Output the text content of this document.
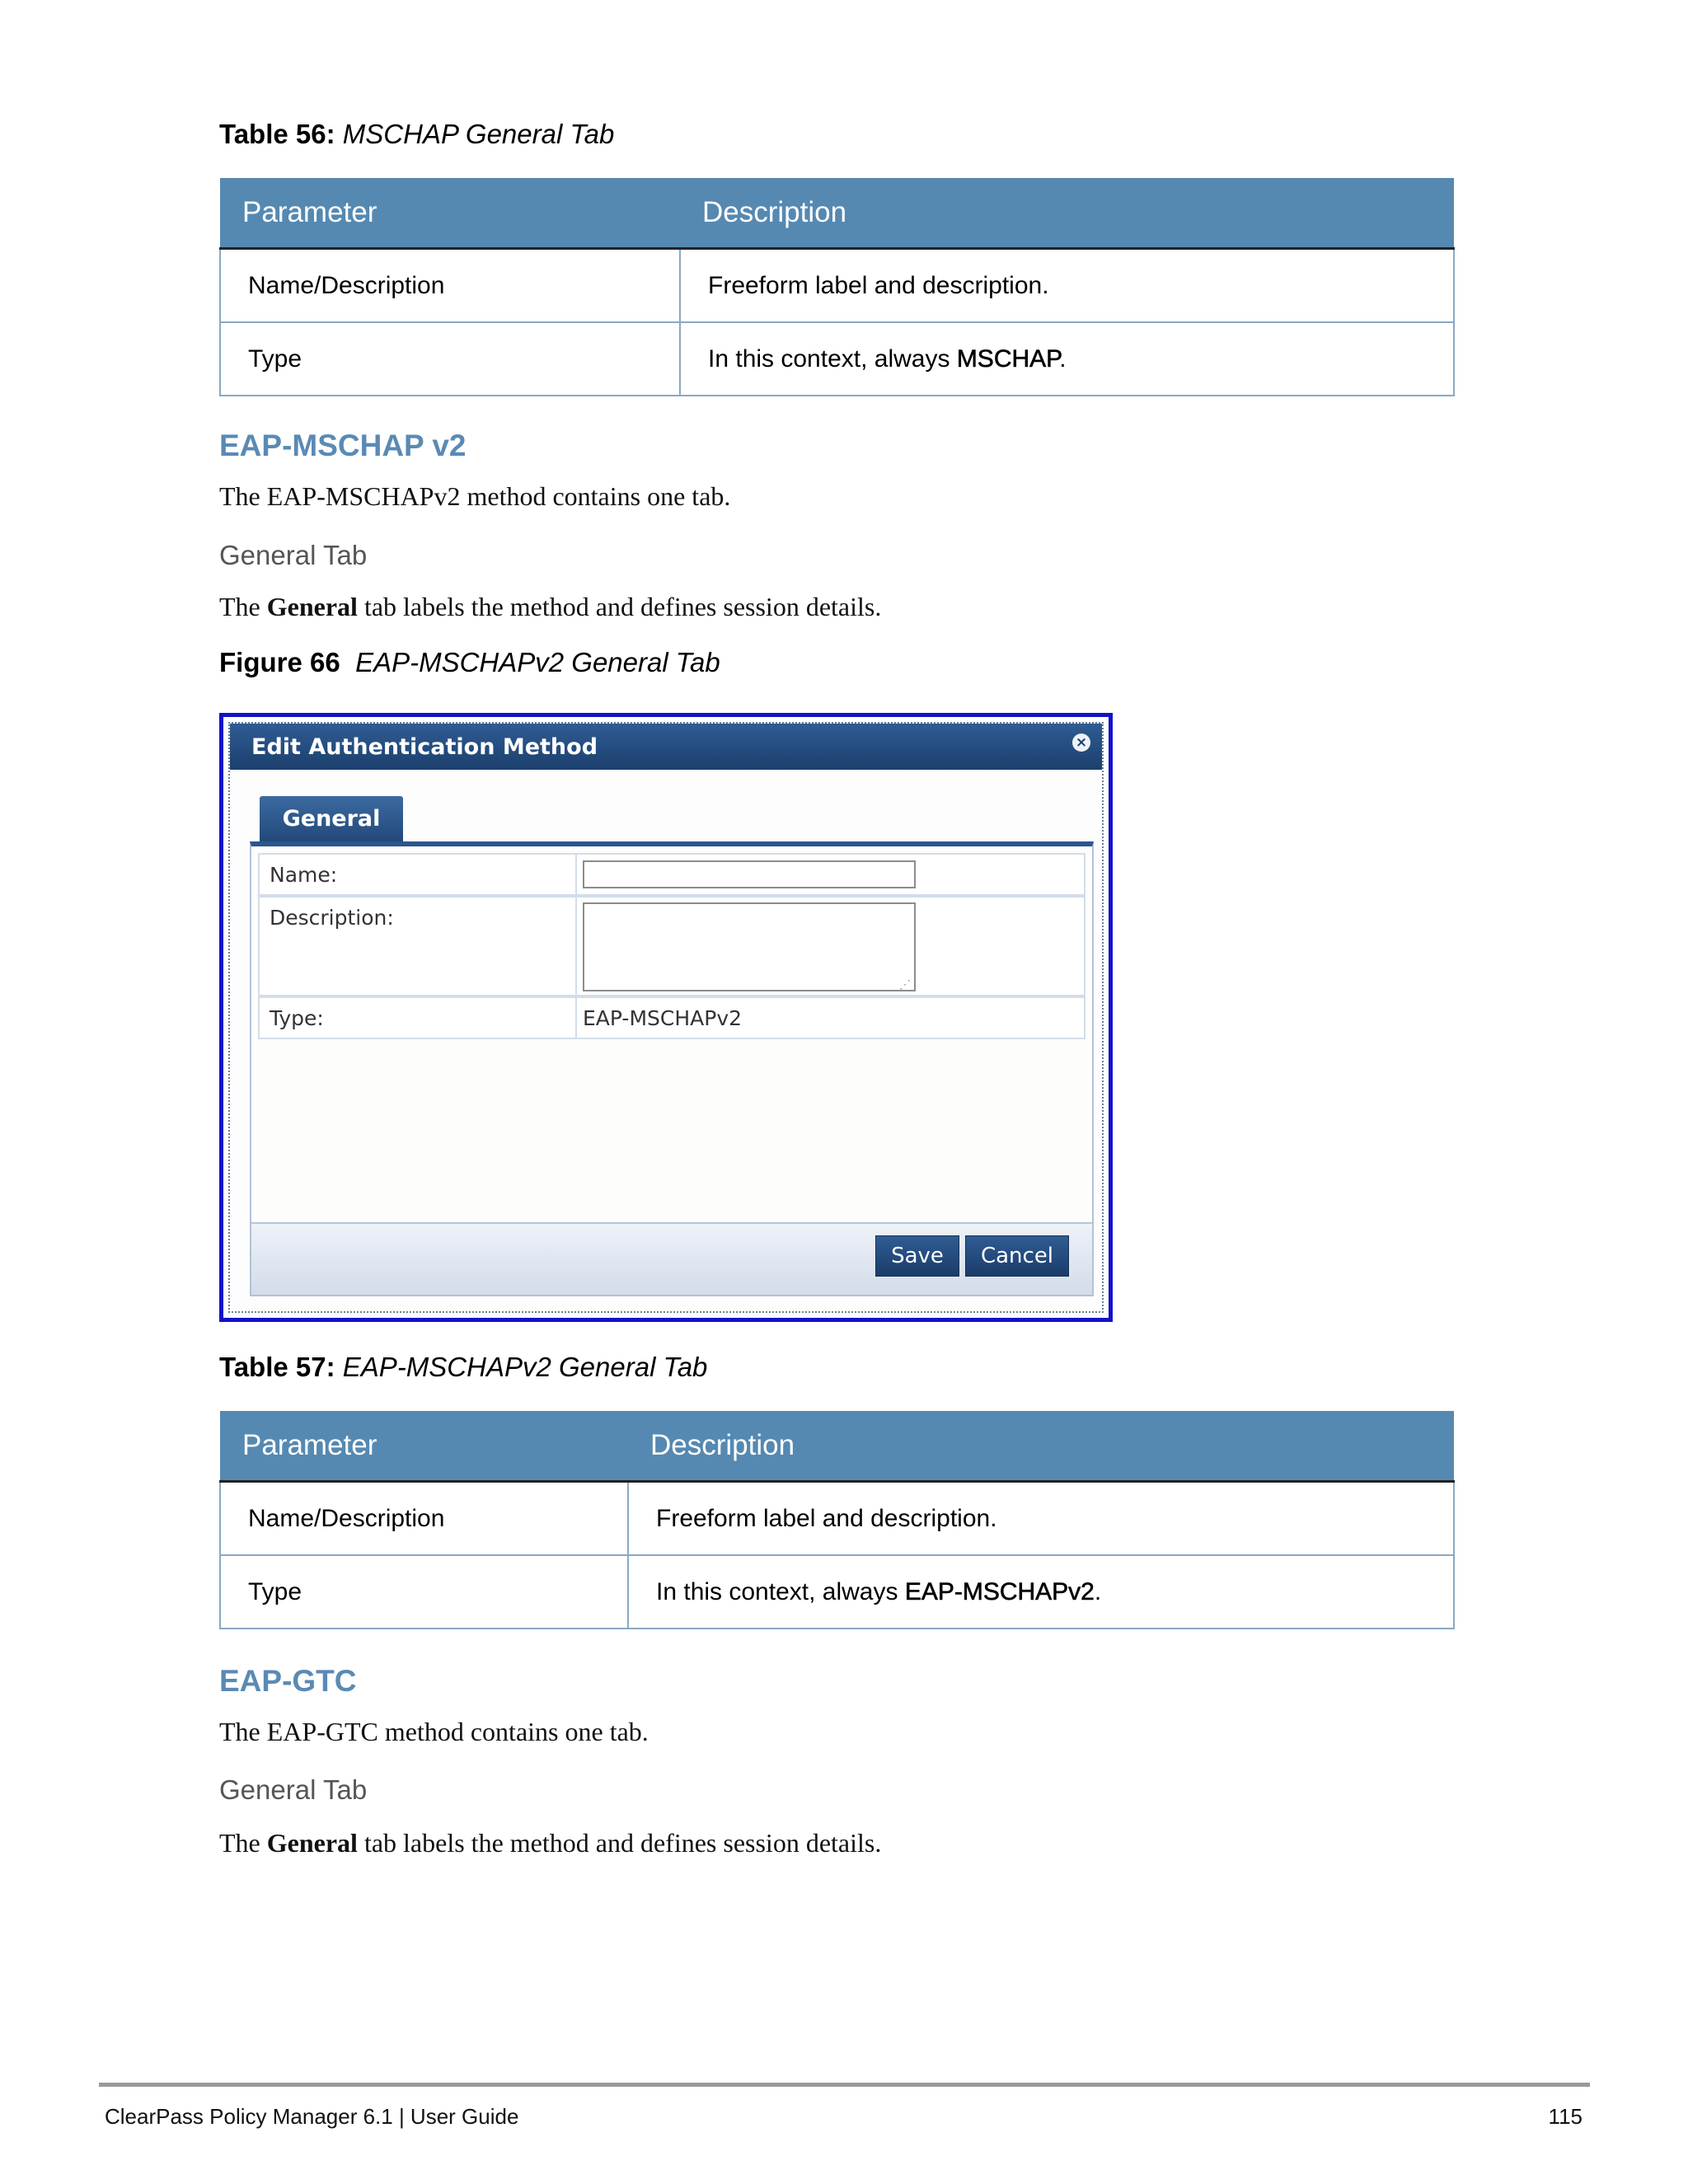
Table 56: MSCHAP General Tab
Parameter	Description
Name/Description	Freeform label and description.
Type	In this context, always MSCHAP.
EAP-MSCHAP v2
The EAP-MSCHAPv2 method contains one tab.
General Tab
The General tab labels the method and defines session details.
Figure 66 EAP-MSCHAPv2 General Tab
Edit Authentication Method	×
General
Name:
Description:
⋰
Type:	EAP-MSCHAPv2
Save	Cancel
Table 57: EAP-MSCHAPv2 General Tab
Parameter	Description
Name/Description	Freeform label and description.
Type	In this context, always EAP-MSCHAPv2.
EAP-GTC
The EAP-GTC method contains one tab.
General Tab
The General tab labels the method and defines session details.
ClearPass Policy Manager 6.1 | User Guide	115
